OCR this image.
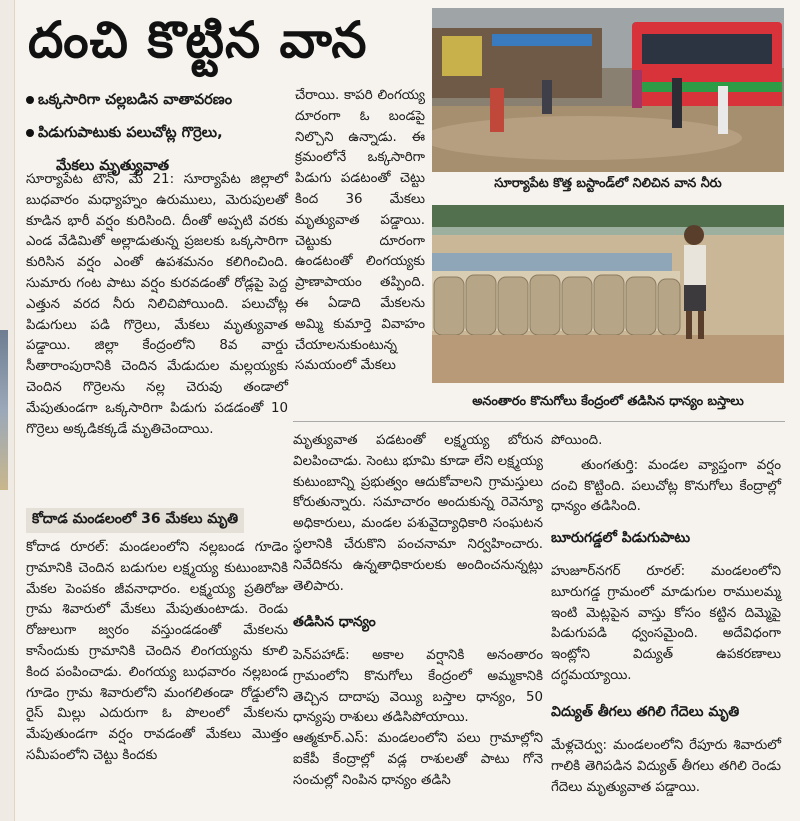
దంచి కొట్టిన వాన
ఒక్కసారిగా చల్లబడిన వాతావరణం
పిడుగుపాటుకు పలుచోట్ల గొర్రెలు,
మేకలు మృత్యువాత

సూర్యాపేట టౌన్, మే 21: సూర్యాపేట జిల్లాలో బుధవారం మధ్యాహ్నం ఉరుములు, మెరుపులతో కూడిన భారీ వర్షం కురిసింది. దీంతో అప్పటి వరకు ఎండ వేడిమితో అల్లాడుతున్న ప్రజలకు ఒక్కసారిగా కురిసిన వర్షం ఎంతో ఉపశమనం కలిగించింది. సుమారు గంట పాటు వర్షం కురవడంతో రోడ్లపై పెద్ద ఎత్తున వరద నీరు నిలిచిపోయింది. పలుచోట్ల పిడుగులు పడి గొర్రెలు, మేకలు మృత్యువాత పడ్డాయి. జిల్లా కేంద్రంలోని 8వ వార్డు సీతారాంపురానికి చెందిన మేడుదుల మల్లయ్యకు చెందిన గొర్రెలను నల్ల చెరువు తండాలో మేపుతుండగా ఒక్కసారిగా పిడుగు పడడంతో 10 గొర్రెలు అక్కడికక్కడే మృతిచెందాయి.

కోదాడ మండలంలో 36 మేకలు మృతి

కోదాడ రూరల్: మండలంలోని నల్లబండ గూడెం గ్రామానికి చెందిన బడుగుల లక్ష్మయ్య కుటుంబానికి మేకల పెంపకం జీవనాధారం. లక్ష్మయ్య ప్రతిరోజు గ్రామ శివారులో మేకలు మేపుతుంటాడు. రెండు రోజులుగా జ్వరం వస్తుండడంతో మేకలను కాసేందుకు గ్రామానికి చెందిన లింగయ్యను కూలి కింద పంపించాడు. లింగయ్య బుధవారం నల్లబండ గూడెం గ్రామ శివారులోని మంగలితండా రోడ్డులోని రైస్ మిల్లు ఎదురుగా ఓ పొలంలో మేకలను మేపుతుండగా వర్షం రావడంతో మేకలు మొత్తం సమీపంలోని చెట్టు కిందకు

చేరాయి. కాపరి లింగయ్య దూరంగా ఓ బండపై నిల్చొని ఉన్నాడు. ఈ క్రమంలోనే ఒక్కసారిగా పిడుగు పడటంతో చెట్టు కింద 36 మేకలు మృత్యువాత పడ్డాయి. చెట్టుకు దూరంగా ఉండటంతో లింగయ్యకు ప్రాణాపాయం తప్పింది. ఈ ఏడాది మేకలను అమ్మి కుమార్తె వివాహం చేయాలనుకుంటున్న సమయంలో మేకలు

సూర్యాపేట కొత్త బస్టాండ్‌లో నిలిచిన వాన నీరు
అనంతారం కొనుగోలు కేంద్రంలో తడిసిన ధాన్యం బస్తాలు

మృత్యువాత పడటంతో లక్ష్మయ్య బోరున విలపించాడు. సెంటు భూమి కూడా లేని లక్ష్మయ్య కుటుంబాన్ని ప్రభుత్వం ఆదుకోవాలని గ్రామస్తులు కోరుతున్నారు. సమాచారం అందుకున్న రెవెన్యూ అధికారులు, మండల పశువైద్యాధికారి సంఘటన స్థలానికి చేరుకొని పంచనామా నిర్వహించారు. నివేదికను ఉన్నతాధికారులకు అందించనున్నట్లు తెలిపారు.

తడిసిన ధాన్యం

పెన్‌పహాడ్: అకాల వర్షానికి అనంతారం గ్రామంలోని కొనుగోలు కేంద్రంలో అమ్మకానికి తెచ్చిన దాదాపు వెయ్యి బస్తాల ధాన్యం, 50 ధాన్యపు రాశులు తడిసిపోయాయి.

ఆత్మకూర్.ఎస్: మండలంలోని పలు గ్రామాల్లోని ఐకేపీ కేంద్రాల్లో వడ్ల రాశులతో పాటు గోనె సంచుల్లో నింపిన ధాన్యం తడిసి

పోయింది.

తుంగతుర్తి: మండల వ్యాప్తంగా వర్షం దంచి కొట్టింది. పలుచోట్ల కొనుగోలు కేంద్రాల్లో ధాన్యం తడిసింది.

బూరుగడ్డలో పిడుగుపాటు

హుజూర్‌నగర్ రూరల్: మండలంలోని బూరుగడ్డ గ్రామంలో మాడుగుల రాములమ్మ ఇంటి మెట్లపైన వాస్తు కోసం కట్టిన దిమ్మెపై పిడుగుపడి ధ్వంసమైంది. అదేవిధంగా ఇంట్లోని విద్యుత్ ఉపకరణాలు దగ్ధమయ్యాయి.

విద్యుత్ తీగలు తగిలి గేదెలు మృతి

మేళ్లచెర్వు: మండలంలోని రేపూరు శివారులో గాలికి తెగిపడిన విద్యుత్ తీగలు తగిలి రెండు గేదెలు మృత్యువాత పడ్డాయి.
